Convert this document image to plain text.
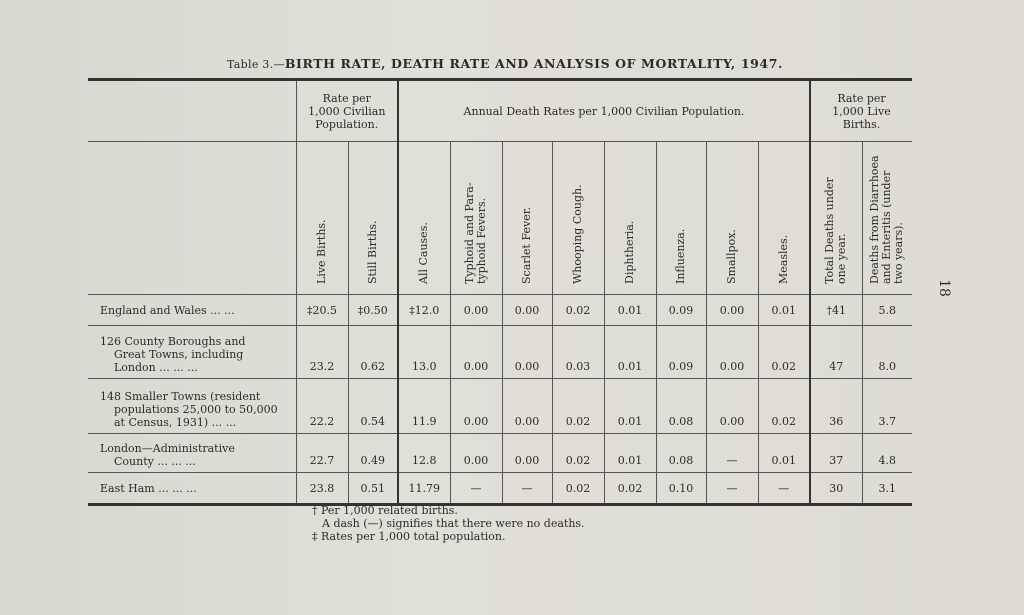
Table 3.—BIRTH RATE, DEATH RATE AND ANALYSIS OF MORTALITY, 1947.
	Rate per
1,000 Civilian
Population.		Annual Death Rates per 1,000 Civilian Population.								Rate per
1,000 Live
Births.	

	Live Births.	Still Births.	All Causes.	Typhoid and Para-
typhoid Fevers.	Scarlet Fever.	Whooping Cough.	Diphtheria.	Influenza.	Smallpox.	Measles.	Total Deaths under
one year.	Deaths from Diarrhoea
and Enteritis (under
two years).

England and Wales ... ...	‡20.5	‡0.50	‡12.0	0.00	0.00	0.02	0.01	0.09	0.00	0.01	†41	5.8
126 County Boroughs and

Great Towns, including
London ... ... ...	23.2	0.62	13.0	0.00	0.00	0.03	0.01	0.09	0.00	0.02	47	8.0
148 Smaller Towns (resident

populations 25,000 to 50,000
at Census, 1931) ... ...	22.2	0.54	11.9	0.00	0.00	0.02	0.01	0.08	0.00	0.02	36	3.7
London—Administrative

County ... ... ...	22.7	0.49	12.8	0.00	0.00	0.02	0.01	0.08	—	0.01	37	4.8
East Ham ... ... ...	23.8	0.51	11.79	—	—	0.02	0.02	0.10	—	—	30	3.1
† Per 1,000 related births.
A dash (—) signifies that there were no deaths.
‡ Rates per 1,000 total population.
18
